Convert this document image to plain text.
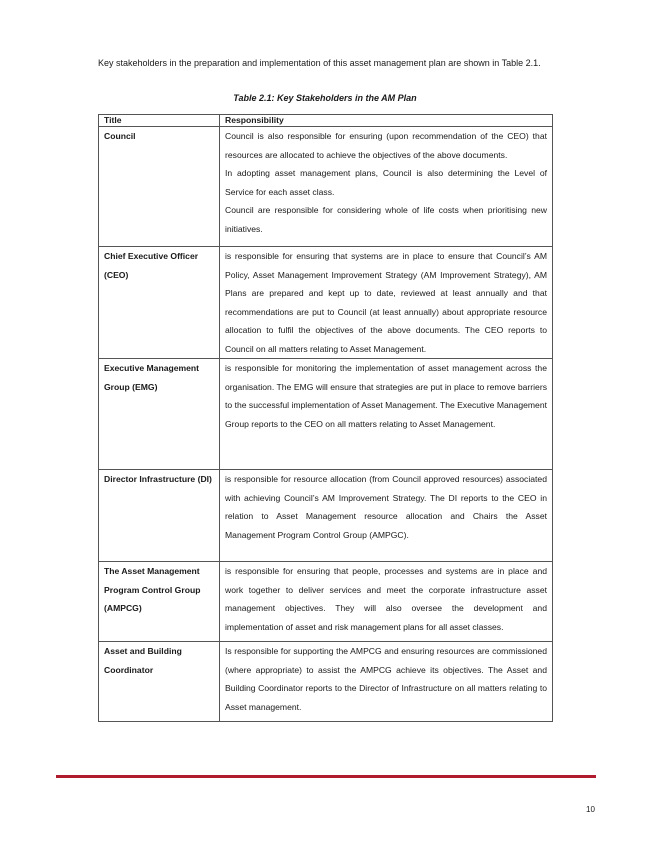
Key stakeholders in the preparation and implementation of this asset management plan are shown in Table 2.1.

Table 2.1: Key Stakeholders in the AM Plan

Title	Responsibility
Council	Council is also responsible for ensuring (upon recommendation of the CEO) that resources are allocated to achieve the objectives of the above documents.

In adopting asset management plans, Council is also determining the Level of Service for each asset class.

Council are responsible for considering whole of life costs when prioritising new initiatives.

Chief Executive Officer (CEO)	is responsible for ensuring that systems are in place to ensure that Council’s AM Policy, Asset Management Improvement Strategy (AM Improvement Strategy), AM Plans are prepared and kept up to date, reviewed at least annually and that recommendations are put to Council (at least annually) about appropriate resource allocation to fulfil the objectives of the above documents. The CEO reports to Council on all matters relating to Asset Management.

Executive Management Group (EMG)	is responsible for monitoring the implementation of asset management across the organisation. The EMG will ensure that strategies are put in place to remove barriers to the successful implementation of Asset Management. The Executive Management Group reports to the CEO on all matters relating to Asset Management.

Director Infrastructure (DI)	is responsible for resource allocation (from Council approved resources) associated with achieving Council’s AM Improvement Strategy. The DI reports to the CEO in relation to Asset Management resource allocation and Chairs the Asset Management Program Control Group (AMPGC).

The Asset Management Program Control Group (AMPCG)	is responsible for ensuring that people, processes and systems are in place and work together to deliver services and meet the corporate infrastructure asset management objectives. They will also oversee the development and implementation of asset and risk management plans for all asset classes.

Asset and Building Coordinator	Is responsible for supporting the AMPCG and ensuring resources are commissioned (where appropriate) to assist the AMPCG achieve its objectives. The Asset and Building Coordinator reports to the Director of Infrastructure on all matters relating to Asset management.

10
